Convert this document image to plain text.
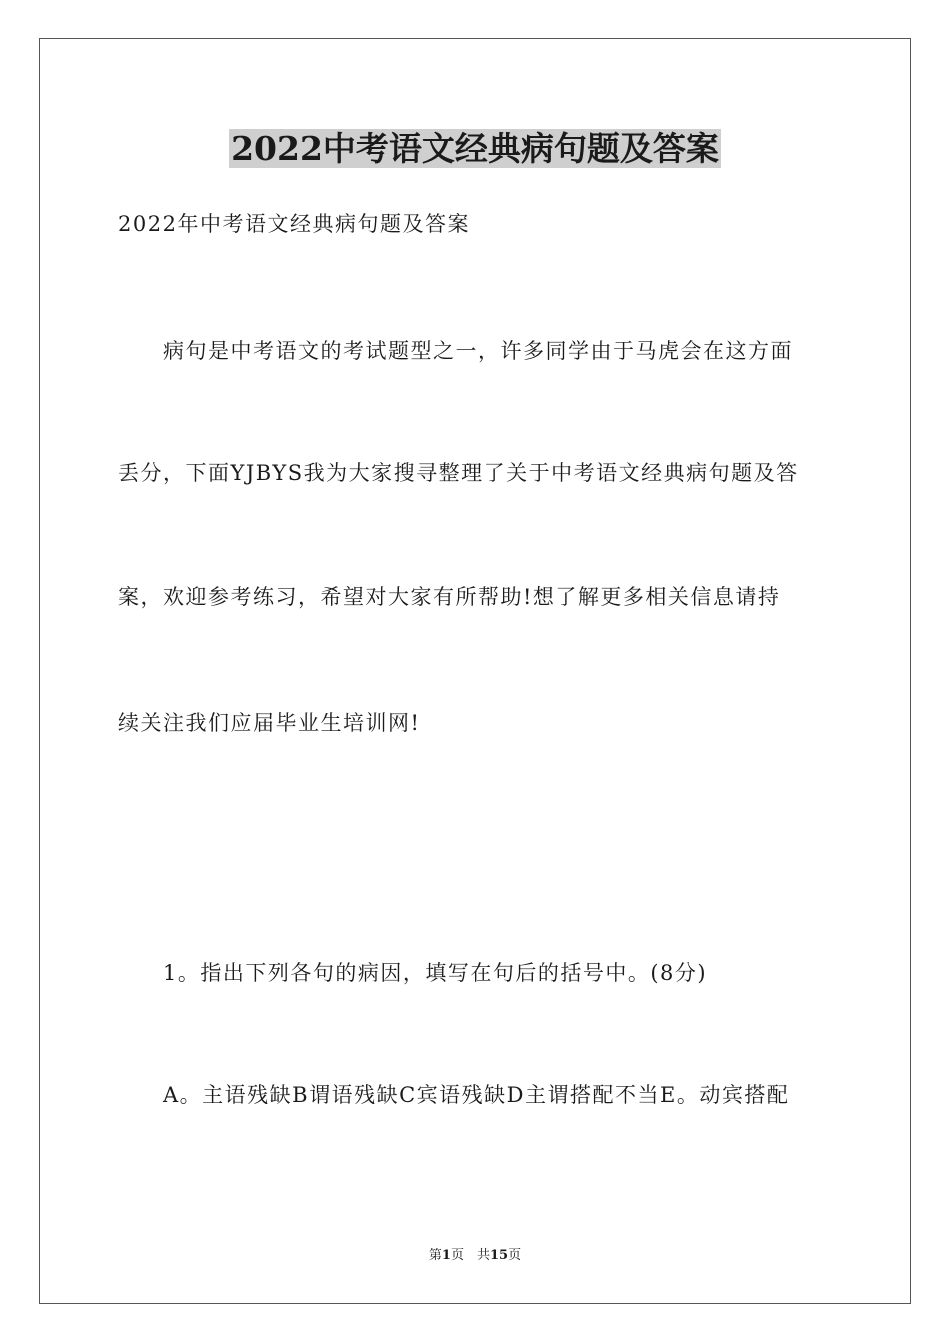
2022中考语文经典病句题及答案
2022年中考语文经典病句题及答案
　　病句是中考语文的考试题型之一，许多同学由于马虎会在这方面
丢分，下面YJBYS我为大家搜寻整理了关于中考语文经典病句题及答
案，欢迎参考练习，希望对大家有所帮助!想了解更多相关信息请持
续关注我们应届毕业生培训网!
　　1。指出下列各句的病因，填写在句后的括号中。(8分)
　　A。主语残缺B谓语残缺C宾语残缺D主谓搭配不当E。动宾搭配
第1页　共15页
